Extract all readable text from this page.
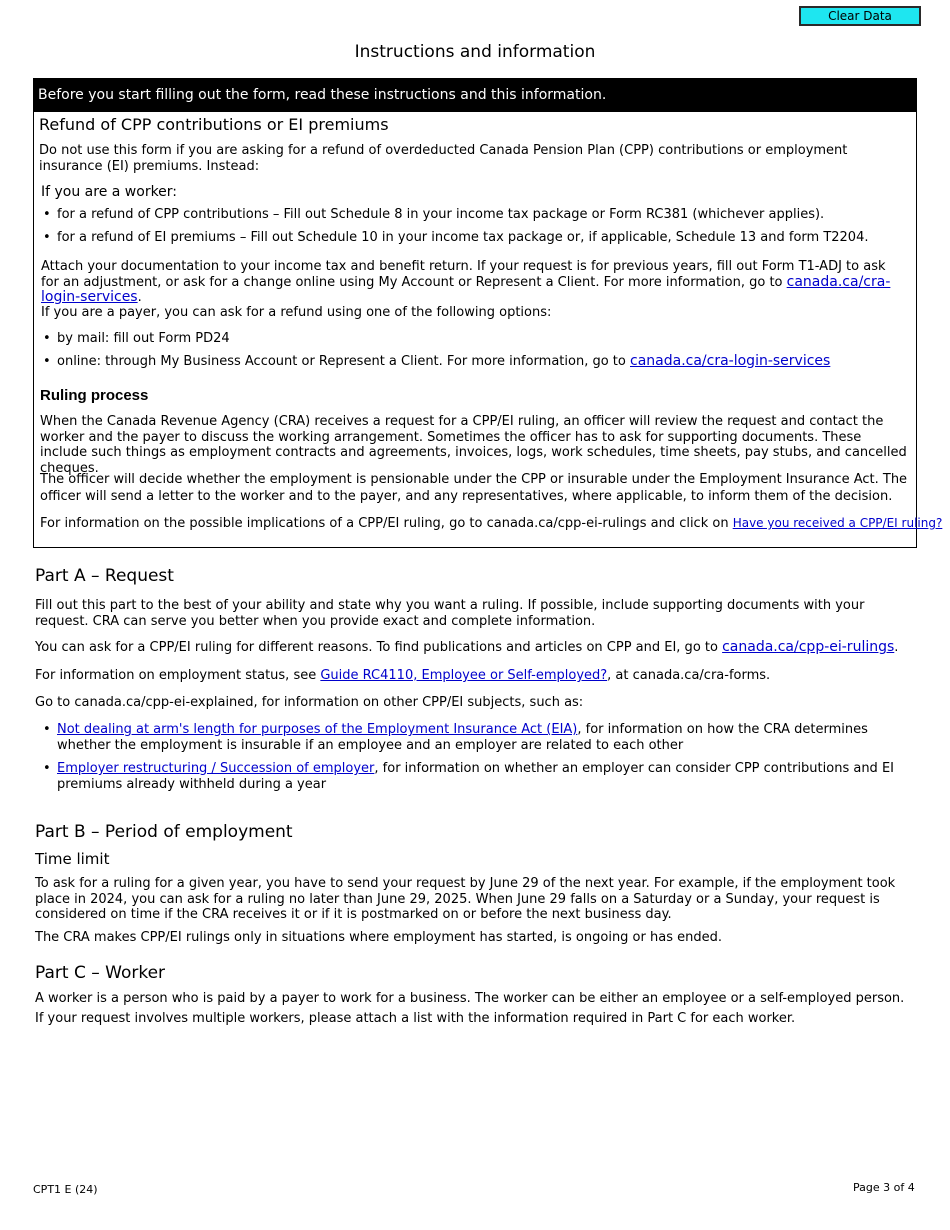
Clear Data
Instructions and information
Before you start filling out the form, read these instructions and this information.
Refund of CPP contributions or EI premiums

Do not use this form if you are asking for a refund of overdeducted Canada Pension Plan (CPP) contributions or employment insurance (EI) premiums. Instead:

If you are a worker:
• for a refund of CPP contributions – Fill out Schedule 8 in your income tax package or Form RC381 (whichever applies).
• for a refund of EI premiums – Fill out Schedule 10 in your income tax package or, if applicable, Schedule 13 and form T2204.

Attach your documentation to your income tax and benefit return. If your request is for previous years, fill out Form T1-ADJ to ask for an adjustment, or ask for a change online using My Account or Represent a Client. For more information, go to canada.ca/cra-login-services.

If you are a payer, you can ask for a refund using one of the following options:
• by mail: fill out Form PD24
• online: through My Business Account or Represent a Client. For more information, go to canada.ca/cra-login-services
Ruling process

When the Canada Revenue Agency (CRA) receives a request for a CPP/EI ruling, an officer will review the request and contact the worker and the payer to discuss the working arrangement. Sometimes the officer has to ask for supporting documents. These include such things as employment contracts and agreements, invoices, logs, work schedules, time sheets, pay stubs, and cancelled cheques.

The officer will decide whether the employment is pensionable under the CPP or insurable under the Employment Insurance Act. The officer will send a letter to the worker and to the payer, and any representatives, where applicable, to inform them of the decision.

For information on the possible implications of a CPP/EI ruling, go to canada.ca/cpp-ei-rulings and click on Have you received a CPP/EI ruling?

Part A – Request

Fill out this part to the best of your ability and state why you want a ruling. If possible, include supporting documents with your request. CRA can serve you better when you provide exact and complete information.

You can ask for a CPP/EI ruling for different reasons. To find publications and articles on CPP and EI, go to canada.ca/cpp-ei-rulings.

For information on employment status, see Guide RC4110, Employee or Self-employed?, at canada.ca/cra-forms.

Go to canada.ca/cpp-ei-explained, for information on other CPP/EI subjects, such as:

• Not dealing at arm's length for purposes of the Employment Insurance Act (EIA), for information on how the CRA determines whether the employment is insurable if an employee and an employer are related to each other
• Employer restructuring / Succession of employer, for information on whether an employer can consider CPP contributions and EI premiums already withheld during a year
Part B – Period of employment
Time limit

To ask for a ruling for a given year, you have to send your request by June 29 of the next year. For example, if the employment took place in 2024, you can ask for a ruling no later than June 29, 2025. When June 29 falls on a Saturday or a Sunday, your request is considered on time if the CRA receives it or if it is postmarked on or before the next business day.

The CRA makes CPP/EI rulings only in situations where employment has started, is ongoing or has ended.

Part C – Worker

A worker is a person who is paid by a payer to work for a business. The worker can be either an employee or a self-employed person.

If your request involves multiple workers, please attach a list with the information required in Part C for each worker.

CPT1 E (24)	Page 3 of 4
